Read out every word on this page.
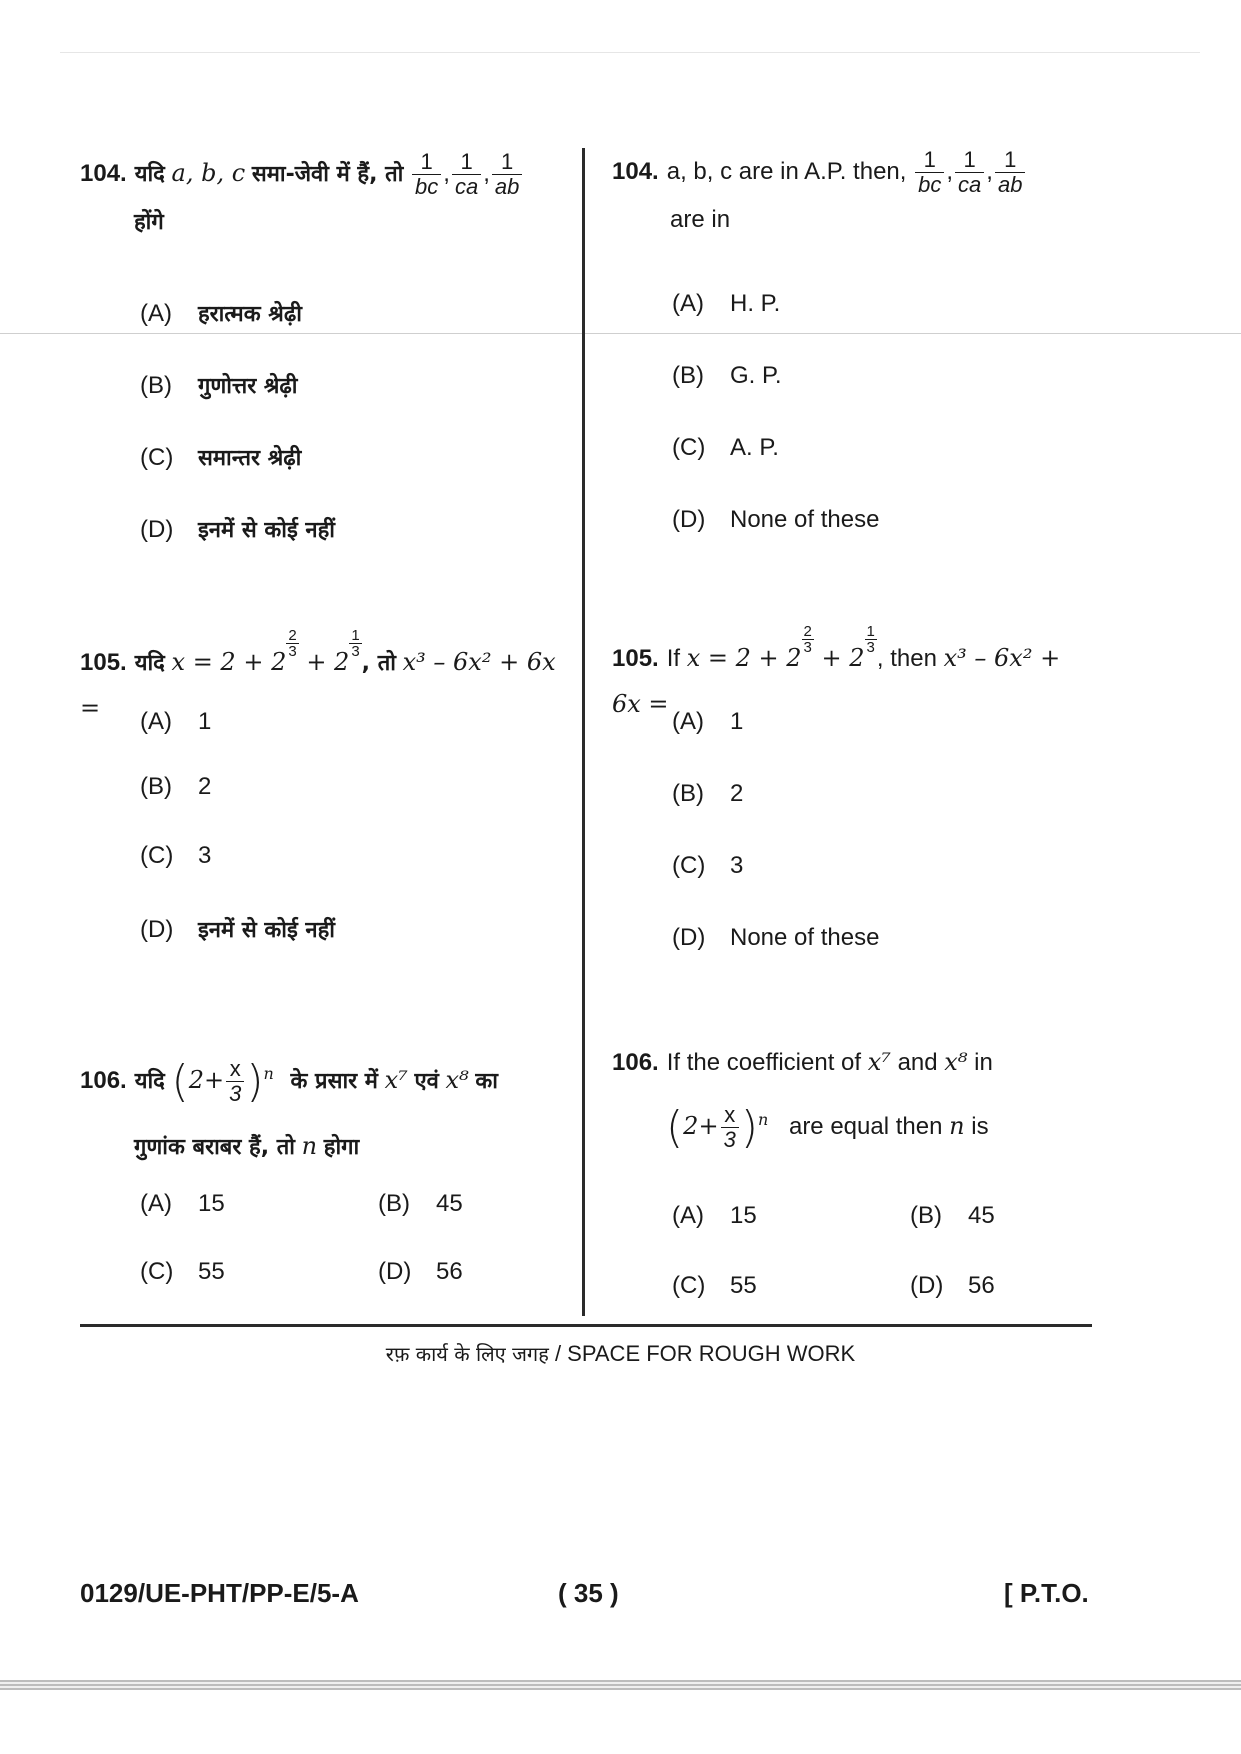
104. यदि a, b, c समा-जेवी में हैं, तो $\frac{1}{bc}$ , $\frac{1}{ca}$ , $\frac{1}{ab}$

होंगे
(A) हरात्मक श्रेढ़ी
(B) गुणोत्तर श्रेढ़ी
(C) समान्तर श्रेढ़ी
(D) इनमें से कोई नहीं
105. यदि x = 2 + 2
$\frac{2}{3}$
+ 2
$\frac{1}{3}$
, तो x³ – 6x² + 6x =	(A) 1
(B) 2
(C) 3
(D) इनमें से कोई नहीं
106. यदि $(2+ \frac{x}{3} )^n$ के प्रसार में x⁷ एवं x⁸ का
गुणांक बराबर हैं, तो n होगा
(A) 15	(B) 45
(C) 55	(D) 56
104. a, b, c are in A.P. then, $\frac{1}{bc}$ , $\frac{1}{ca}$ , $\frac{1}{ab}$

are in
(A) H. P.
(B) G. P.
(C) A. P.
(D) None of these
105. If x = 2 + 2
$\frac{2}{3}$
+ 2
$\frac{1}{3}$
, then x³ – 6x² + 6x =
(A) 1
(B) 2
(C) 3
(D) None of these
106. If the coefficient of x⁷ and x⁸ in
$(2+ \frac{x}{3} )^n$ are equal then n is
(A) 15	(B) 45
(C) 55	(D) 56
रफ़ कार्य के लिए जगह / SPACE FOR ROUGH WORK
0129/UE-PHT/PP-E/5-A	( 35 )	[ P.T.O.
